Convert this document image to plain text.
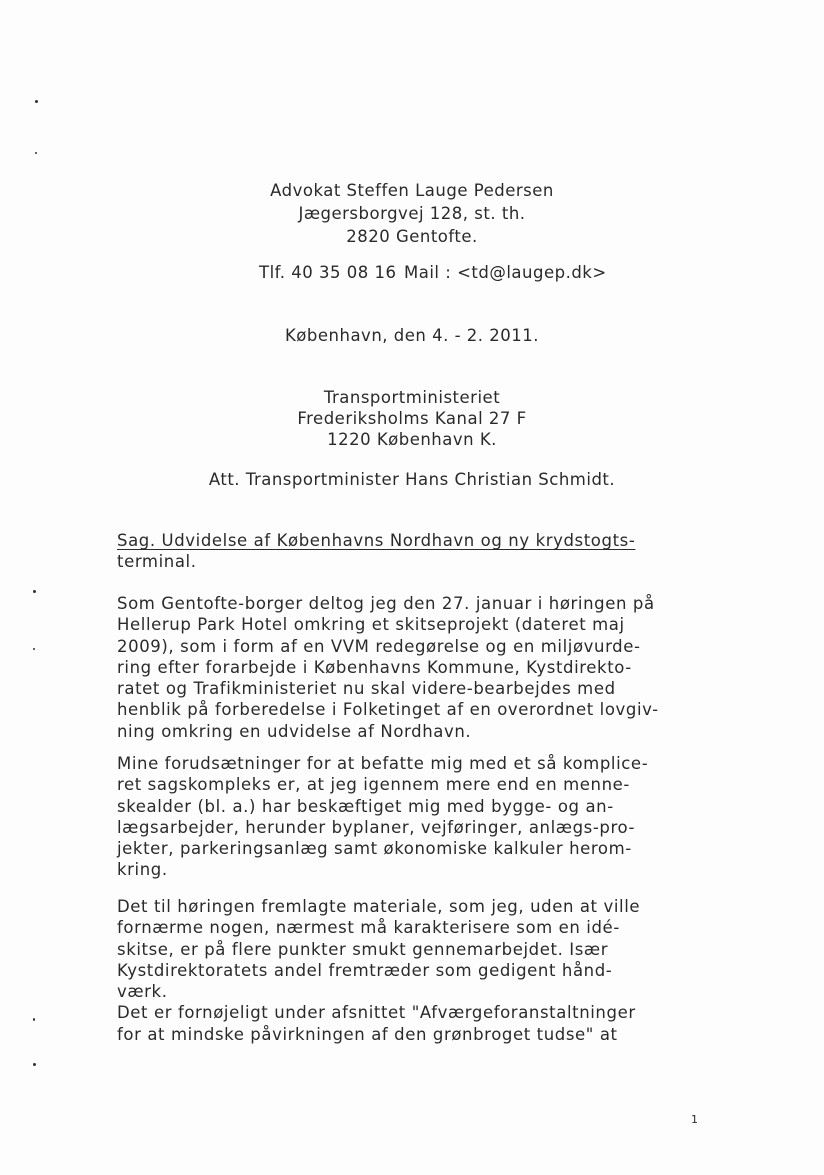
Advokat Steffen Lauge Pedersen
Jægersborgvej 128, st. th.
2820 Gentofte.
Tlf. 40 35 08 16 Mail : <td@laugep.dk>
København, den 4. - 2. 2011.
Transportministeriet
Frederiksholms Kanal 27 F
1220 København K.
Att. Transportminister Hans Christian Schmidt.
Sag. Udvidelse af Københavns Nordhavn og ny krydstogts-
terminal.
Som Gentofte-borger deltog jeg den 27. januar i høringen på
Hellerup Park Hotel omkring et skitseprojekt (dateret maj
2009), som i form af en VVM redegørelse og en miljøvurde-
ring efter forarbejde i Københavns Kommune, Kystdirekto-
ratet og Trafikministeriet nu skal videre-bearbejdes med
henblik på forberedelse i Folketinget af en overordnet lovgiv-
ning omkring en udvidelse af Nordhavn.
Mine forudsætninger for at befatte mig med et så komplice-
ret sagskompleks er, at jeg igennem mere end en menne-
skealder (bl. a.) har beskæftiget mig med bygge- og an-
lægsarbejder, herunder byplaner, vejføringer, anlægs-pro-
jekter, parkeringsanlæg samt økonomiske kalkuler herom-
kring.
Det til høringen fremlagte materiale, som jeg, uden at ville
fornærme nogen, nærmest må karakterisere som en idé-
skitse, er på flere punkter smukt gennemarbejdet. Især
Kystdirektoratets andel fremtræder som gedigent hånd-
værk.
Det er fornøjeligt under afsnittet "Afværgeforanstaltninger
for at mindske påvirkningen af den grønbroget tudse" at
1
